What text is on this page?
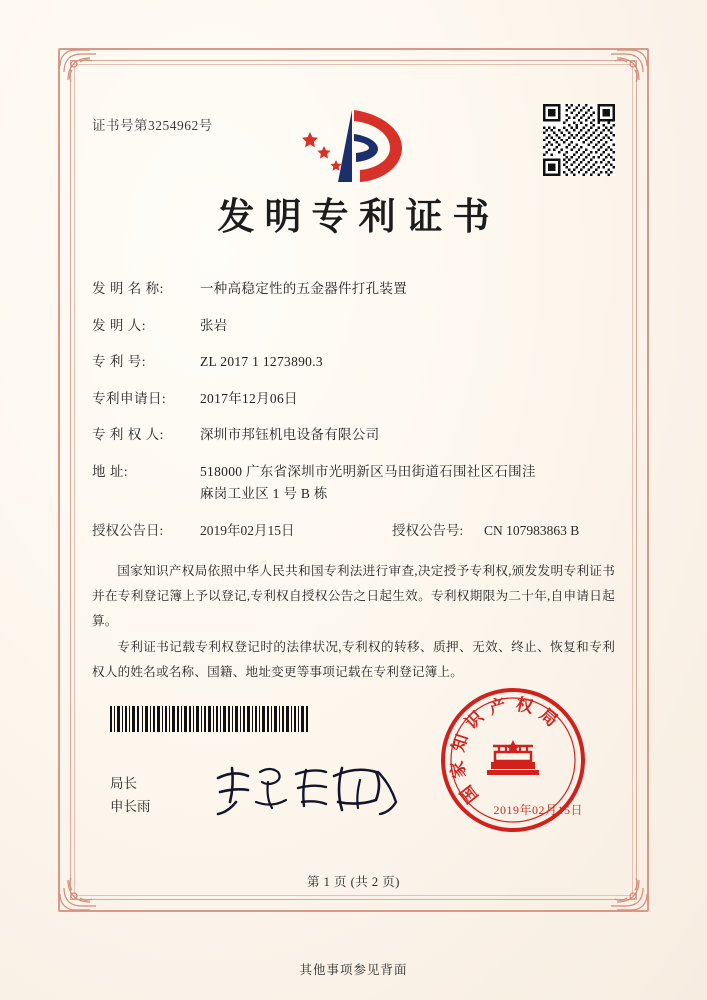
证书号第3254962号
发明专利证书
发 明 名 称:	一种高稳定性的五金器件打孔装置
发 明 人:	张岩
专 利 号:	ZL 2017 1 1273890.3
专利申请日:	2017年12月06日
专 利 权 人:	深圳市邦钰机电设备有限公司
地 址:	518000 广东省深圳市光明新区马田街道石围社区石围洼
麻岗工业区 1 号 B 栋
授权公告日:	2019年02月15日	授权公告号:	CN 107983863 B
国家知识产权局依照中华人民共和国专利法进行审查,决定授予专利权,颁发发明专利证书并在专利登记簿上予以登记,专利权自授权公告之日起生效。专利权期限为二十年,自申请日起算。
专利证书记载专利权登记时的法律状况,专利权的转移、质押、无效、终止、恢复和专利权人的姓名或名称、国籍、地址变更等事项记载在专利登记簿上。
局长
申长雨	国
家
知
识
产 权 局
2019年02月15日
第 1 页 (共 2 页)
其他事项参见背面
